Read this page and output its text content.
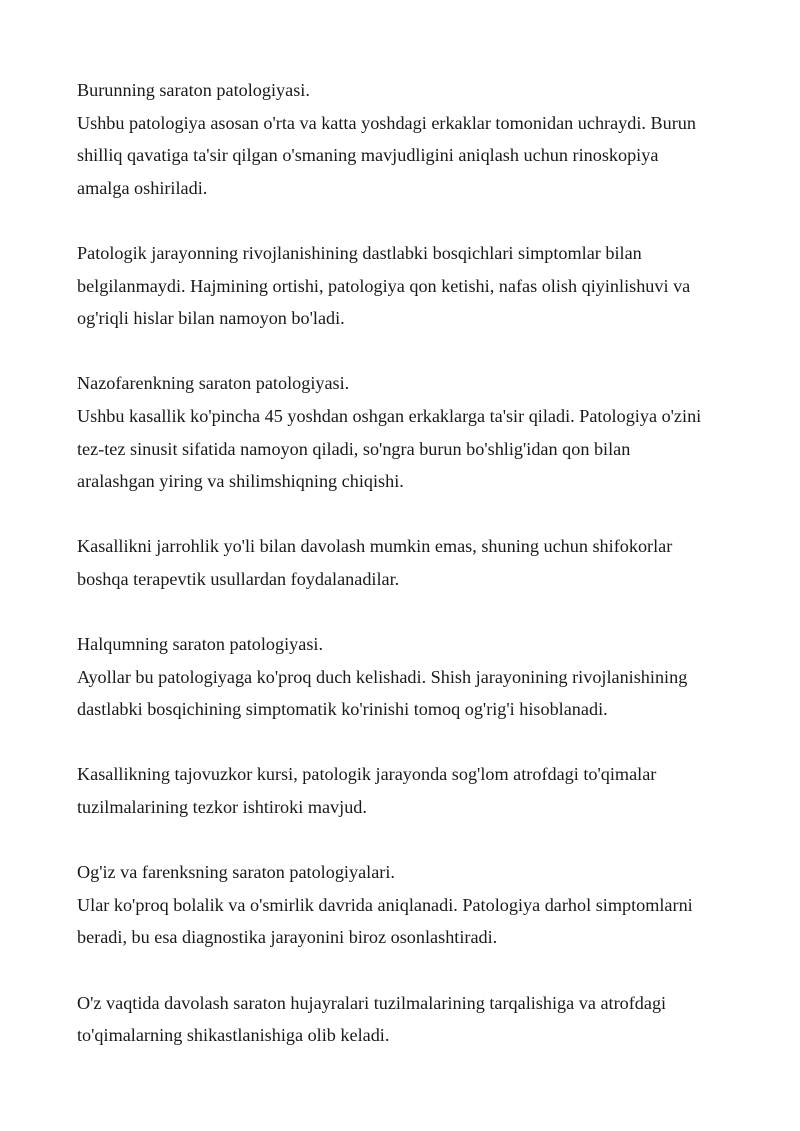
Burunning saraton patologiyasi.
Ushbu patologiya asosan o'rta va katta yoshdagi erkaklar tomonidan uchraydi. Burun
shilliq qavatiga ta'sir qilgan o'smaning mavjudligini aniqlash uchun rinoskopiya
amalga oshiriladi.
Patologik jarayonning rivojlanishining dastlabki bosqichlari simptomlar bilan
belgilanmaydi. Hajmining ortishi, patologiya qon ketishi, nafas olish qiyinlishuvi va
og'riqli hislar bilan namoyon bo'ladi.
Nazofarenkning saraton patologiyasi.
Ushbu kasallik ko'pincha 45 yoshdan oshgan erkaklarga ta'sir qiladi. Patologiya o'zini
tez-tez sinusit sifatida namoyon qiladi, so'ngra burun bo'shlig'idan qon bilan
aralashgan yiring va shilimshiqning chiqishi.
Kasallikni jarrohlik yo'li bilan davolash mumkin emas, shuning uchun shifokorlar
boshqa terapevtik usullardan foydalanadilar.
Halqumning saraton patologiyasi.
Ayollar bu patologiyaga ko'proq duch kelishadi. Shish jarayonining rivojlanishining
dastlabki bosqichining simptomatik ko'rinishi tomoq og'rig'i hisoblanadi.
Kasallikning tajovuzkor kursi, patologik jarayonda sog'lom atrofdagi to'qimalar
tuzilmalarining tezkor ishtiroki mavjud.
Og'iz va farenksning saraton patologiyalari.
Ular ko'proq bolalik va o'smirlik davrida aniqlanadi. Patologiya darhol simptomlarni
beradi, bu esa diagnostika jarayonini biroz osonlashtiradi.
O'z vaqtida davolash saraton hujayralari tuzilmalarining tarqalishiga va atrofdagi
to'qimalarning shikastlanishiga olib keladi.
